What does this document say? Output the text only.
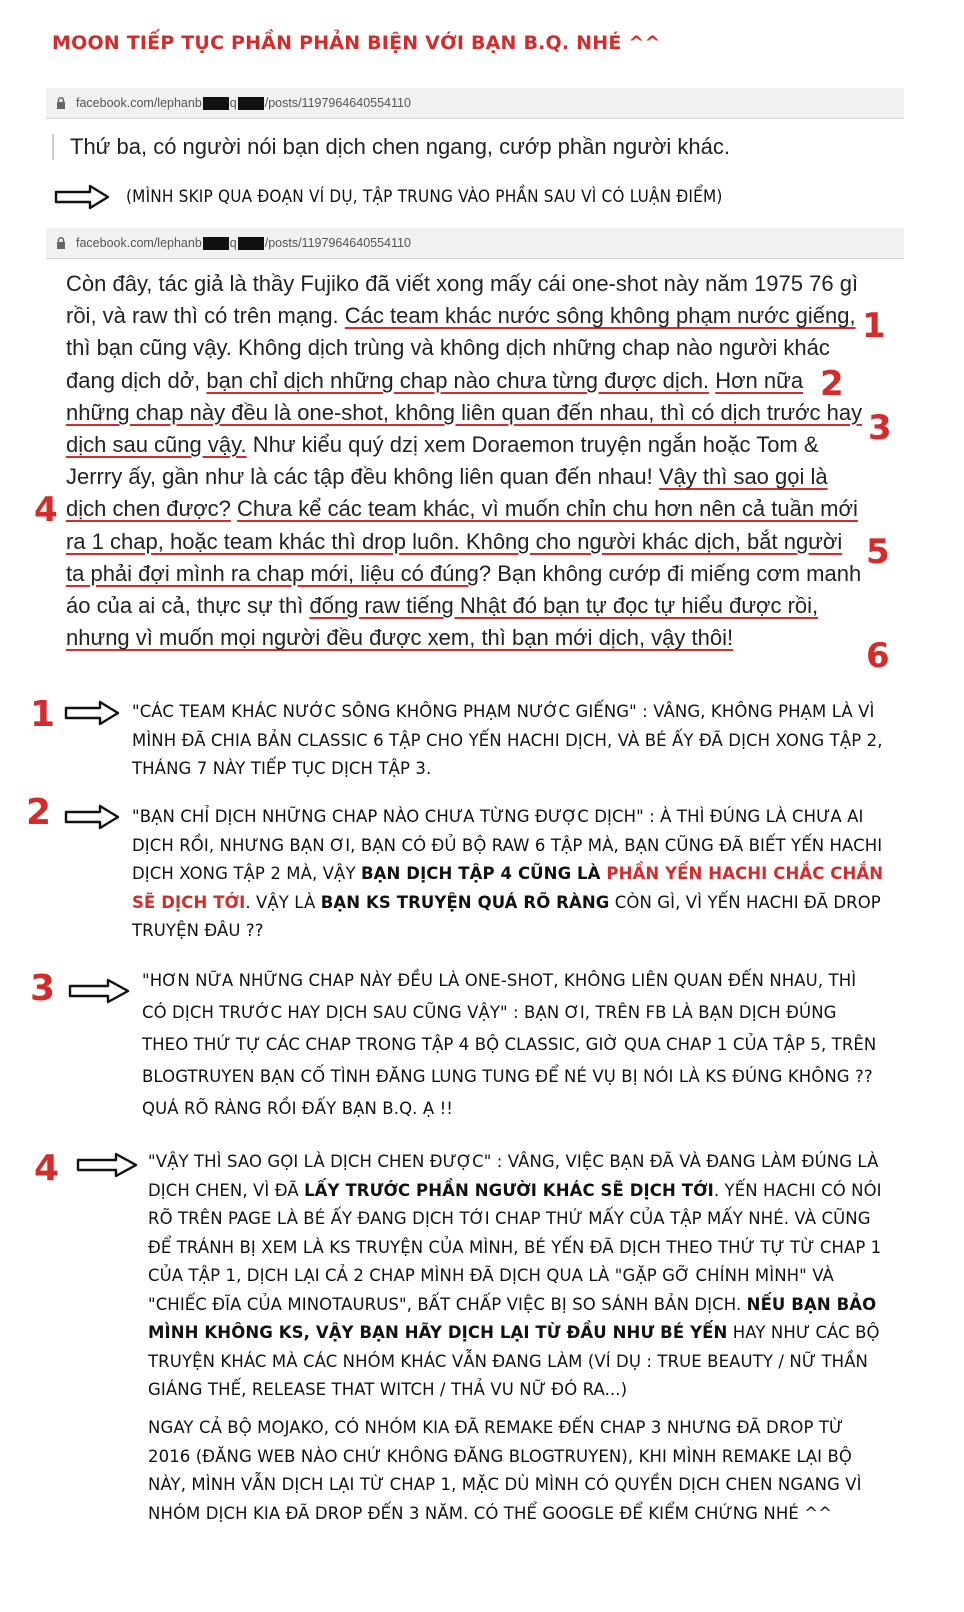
MOON TIẾP TỤC PHẦN PHẢN BIỆN VỚI BẠN B.Q. NHÉ ^^
facebook.com/lephanb q /posts/1197964640554110
Thứ ba, có người nói bạn dịch chen ngang, cướp phần người khác.
(MÌNH SKIP QUA ĐOẠN VÍ DỤ, TẬP TRUNG VÀO PHẦN SAU VÌ CÓ LUẬN ĐIỂM)
facebook.com/lephanb q /posts/1197964640554110
Còn đây, tác giả là thầy Fujiko đã viết xong mấy cái one-shot này năm 1975 76 gì rồi, và raw thì có trên mạng. Các team khác nước sông không phạm nước giếng, thì bạn cũng vậy. Không dịch trùng và không dịch những chap nào người khác đang dịch dở, bạn chỉ dịch những chap nào chưa từng được dịch. Hơn nữa những chap này đều là one-shot, không liên quan đến nhau, thì có dịch trước hay dịch sau cũng vậy. Như kiểu quý dzị xem Doraemon truyện ngắn hoặc Tom & Jerrry ấy, gần như là các tập đều không liên quan đến nhau! Vậy thì sao gọi là dịch chen được? Chưa kể các team khác, vì muốn chỉn chu hơn nên cả tuần mới ra 1 chap, hoặc team khác thì drop luôn. Không cho người khác dịch, bắt người ta phải đợi mình ra chap mới, liệu có đúng? Bạn không cướp đi miếng cơm manh áo của ai cả, thực sự thì đống raw tiếng Nhật đó bạn tự đọc tự hiểu được rồi, nhưng vì muốn mọi người đều được xem, thì bạn mới dịch, vậy thôi!
1
2
3
4
5
6
1	"CÁC TEAM KHÁC NƯỚC SÔNG KHÔNG PHẠM NƯỚC GIẾNG" : VÂNG, KHÔNG PHẠM LÀ VÌ MÌNH ĐÃ CHIA BẢN CLASSIC 6 TẬP CHO YẾN HACHI DỊCH, VÀ BÉ ẤY ĐÃ DỊCH XONG TẬP 2, THÁNG 7 NÀY TIẾP TỤC DỊCH TẬP 3.
2	"BẠN CHỈ DỊCH NHỮNG CHAP NÀO CHƯA TỪNG ĐƯỢC DỊCH" : À THÌ ĐÚNG LÀ CHƯA AI DỊCH RỒI, NHƯNG BẠN ƠI, BẠN CÓ ĐỦ BỘ RAW 6 TẬP MÀ, BẠN CŨNG ĐÃ BIẾT YẾN HACHI DỊCH XONG TẬP 2 MÀ, VẬY BẠN DỊCH TẬP 4 CŨNG LÀ PHẦN YẾN HACHI CHẮC CHẮN SẼ DỊCH TỚI. VẬY LÀ BẠN KS TRUYỆN QUÁ RÕ RÀNG CÒN GÌ, VÌ YẾN HACHI ĐÃ DROP TRUYỆN ĐÂU ??
3	"HƠN NỮA NHỮNG CHAP NÀY ĐỀU LÀ ONE-SHOT, KHÔNG LIÊN QUAN ĐẾN NHAU, THÌ CÓ DỊCH TRƯỚC HAY DỊCH SAU CŨNG VẬY" : BẠN ƠI, TRÊN FB LÀ BẠN DỊCH ĐÚNG THEO THỨ TỰ CÁC CHAP TRONG TẬP 4 BỘ CLASSIC, GIỜ QUA CHAP 1 CỦA TẬP 5, TRÊN BLOGTRUYEN BẠN CỐ TÌNH ĐĂNG LUNG TUNG ĐỂ NÉ VỤ BỊ NÓI LÀ KS ĐÚNG KHÔNG ?? QUÁ RÕ RÀNG RỒI ĐẤY BẠN B.Q. Ạ !!
4	"VẬY THÌ SAO GỌI LÀ DỊCH CHEN ĐƯỢC" : VÂNG, VIỆC BẠN ĐÃ VÀ ĐANG LÀM ĐÚNG LÀ DỊCH CHEN, VÌ ĐÃ LẤY TRƯỚC PHẦN NGƯỜI KHÁC SẼ DỊCH TỚI. YẾN HACHI CÓ NÓI RÕ TRÊN PAGE LÀ BÉ ẤY ĐANG DỊCH TỚI CHAP THỨ MẤY CỦA TẬP MẤY NHÉ. VÀ CŨNG ĐỂ TRÁNH BỊ XEM LÀ KS TRUYỆN CỦA MÌNH, BÉ YẾN ĐÃ DỊCH THEO THỨ TỰ TỪ CHAP 1 CỦA TẬP 1, DỊCH LẠI CẢ 2 CHAP MÌNH ĐÃ DỊCH QUA LÀ "GẶP GỠ CHÍNH MÌNH" VÀ "CHIẾC ĐĨA CỦA MINOTAURUS", BẤT CHẤP VIỆC BỊ SO SÁNH BẢN DỊCH. NẾU BẠN BẢO MÌNH KHÔNG KS, VẬY BẠN HÃY DỊCH LẠI TỪ ĐẦU NHƯ BÉ YẾN HAY NHƯ CÁC BỘ TRUYỆN KHÁC MÀ CÁC NHÓM KHÁC VẪN ĐANG LÀM (VÍ DỤ : TRUE BEAUTY / NỮ THẦN GIÁNG THẾ, RELEASE THAT WITCH / THẢ VU NỮ ĐÓ RA...)
NGAY CẢ BỘ MOJAKO, CÓ NHÓM KIA ĐÃ REMAKE ĐẾN CHAP 3 NHƯNG ĐÃ DROP TỪ 2016 (ĐĂNG WEB NÀO CHỨ KHÔNG ĐĂNG BLOGTRUYEN), KHI MÌNH REMAKE LẠI BỘ NÀY, MÌNH VẪN DỊCH LẠI TỪ CHAP 1, MẶC DÙ MÌNH CÓ QUYỀN DỊCH CHEN NGANG VÌ NHÓM DỊCH KIA ĐÃ DROP ĐẾN 3 NĂM. CÓ THỂ GOOGLE ĐỂ KIỂM CHỨNG NHÉ ^^
